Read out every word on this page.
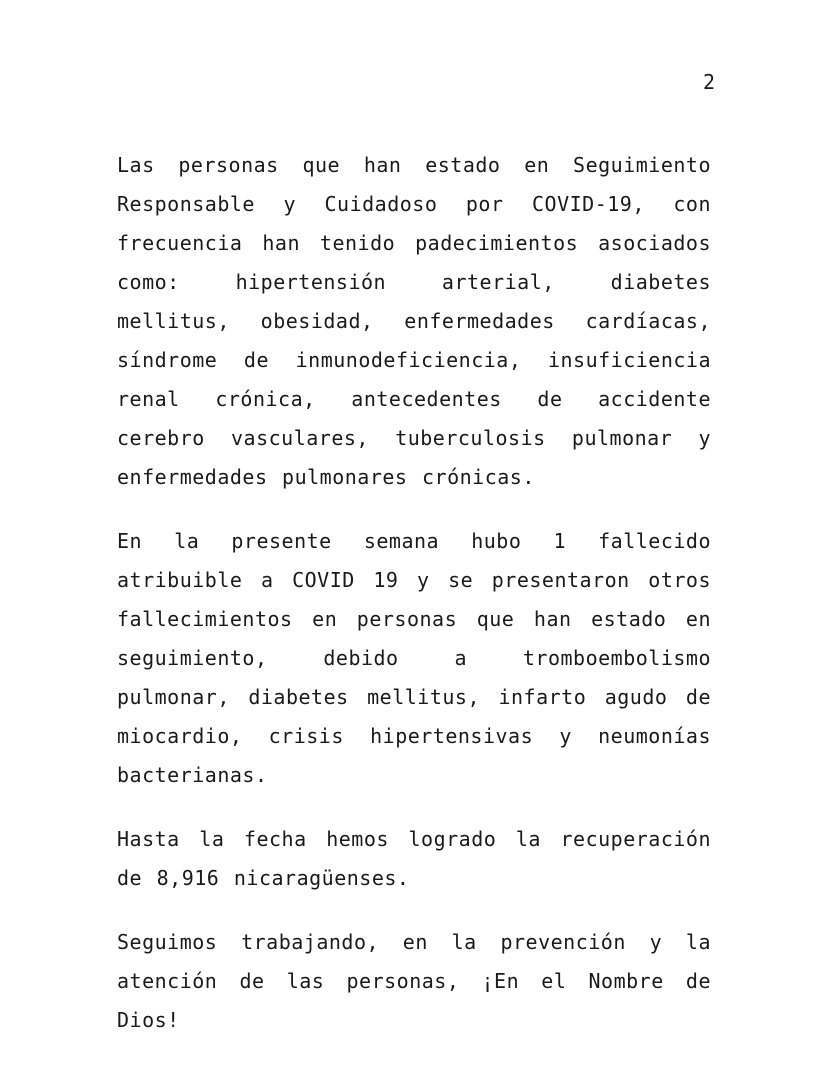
2

Las personas que han estado en Seguimiento Responsable y Cuidadoso por COVID-19, con frecuencia han tenido padecimientos asociados como: hipertensión arterial, diabetes mellitus, obesidad, enfermedades cardíacas, síndrome de inmunodeficiencia, insuficiencia renal crónica, antecedentes de accidente cerebro vasculares, tuberculosis pulmonar y enfermedades pulmonares crónicas.

En la presente semana hubo 1 fallecido atribuible a COVID 19 y se presentaron otros fallecimientos en personas que han estado en seguimiento, debido a tromboembolismo pulmonar, diabetes mellitus, infarto agudo de miocardio, crisis hipertensivas y neumonías bacterianas.

Hasta la fecha hemos logrado la recuperación de 8,916 nicaragüenses.

Seguimos trabajando, en la prevención y la atención de las personas, ¡En el Nombre de Dios!
